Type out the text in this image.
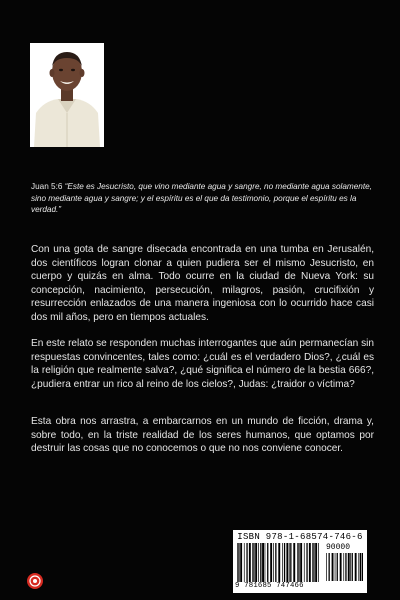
Juan 5:6 “Este es Jesucristo, que vino mediante agua y sangre, no mediante agua solamente, sino mediante agua y sangre; y el espíritu es el que da testimonio, porque el espíritu es la verdad.”
Con una gota de sangre disecada encontrada en una tumba en Jerusalén, dos científicos logran clonar a quien pudiera ser el mismo Jesucristo, en cuerpo y quizás en alma. Todo ocurre en la ciudad de Nueva York: su concepción, nacimiento, persecución, milagros, pasión, crucifixión y resurrección enlazados de una manera ingeniosa con lo ocurrido hace casi dos mil años, pero en tiempos actuales.
En este relato se responden muchas interrogantes que aún permanecían sin respuestas convincentes, tales como: ¿cuál es el verdadero Dios?, ¿cuál es la religión que realmente salva?, ¿qué significa el número de la bestia 666?, ¿pudiera entrar un rico al reino de los cielos?, Judas: ¿traidor o víctima?
Esta obra nos arrastra, a embarcarnos en un mundo de ficción, drama y, sobre todo, en la triste realidad de los seres humanos, que optamos por destruir las cosas que no conocemos o que no nos conviene conocer.
ISBN 978-1-68574-746-6
90000
9 781685 747466
